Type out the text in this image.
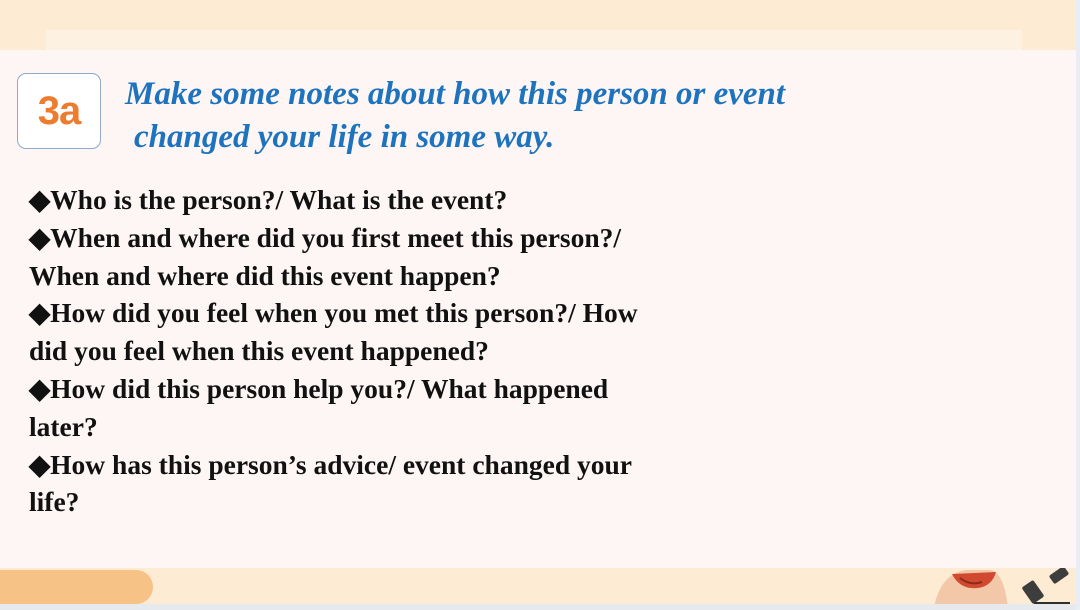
3a Make some notes about how this person or event
changed your life in some way.
◆Who is the person?/ What is the event?
◆When and where did you first meet this person?/
When and where did this event happen?
◆How did you feel when you met this person?/ How
did you feel when this event happened?
◆How did this person help you?/ What happened
later?
◆How has this person’s advice/ event changed your
life?
